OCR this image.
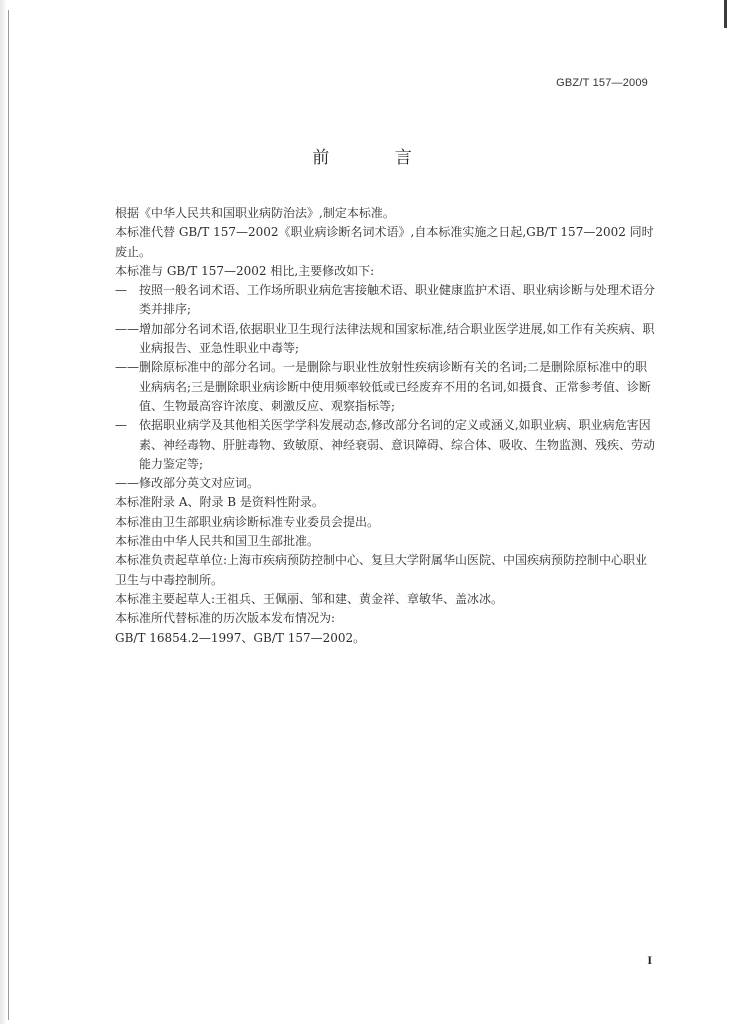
GBZ/T 157—2009
前 言

根据《中华人民共和国职业病防治法》,制定本标准。

本标准代替 GB/T 157—2002《职业病诊断名词术语》,自本标准实施之日起,GB/T 157—2002 同时废止。

本标准与 GB/T 157—2002 相比,主要修改如下:

—	按照一般名词术语、工作场所职业病危害接触术语、职业健康监护术语、职业病诊断与处理术语分类并排序;
—— 增加部分名词术语,依据职业卫生现行法律法规和国家标准,结合职业医学进展,如工作有关疾病、职业病报告、亚急性职业中毒等;
—— 删除原标准中的部分名词。一是删除与职业性放射性疾病诊断有关的名词;二是删除原标准中的职业病病名;三是删除职业病诊断中使用频率较低或已经废弃不用的名词,如摄食、正常参考值、诊断值、生物最高容许浓度、刺激反应、观察指标等;
—	依据职业病学及其他相关医学学科发展动态,修改部分名词的定义或涵义,如职业病、职业病危害因素、神经毒物、肝脏毒物、致敏原、神经衰弱、意识障碍、综合体、吸收、生物监测、残疾、劳动能力鉴定等;
—— 修改部分英文对应词。

本标准附录 A、附录 B 是资料性附录。

本标准由卫生部职业病诊断标准专业委员会提出。

本标准由中华人民共和国卫生部批准。

本标准负责起草单位:上海市疾病预防控制中心、复旦大学附属华山医院、中国疾病预防控制中心职业卫生与中毒控制所。

本标准主要起草人:王祖兵、王佩丽、邹和建、黄金祥、章敏华、盖冰冰。

本标准所代替标准的历次版本发布情况为:

GB/T 16854.2—1997、GB/T 157—2002。

I
